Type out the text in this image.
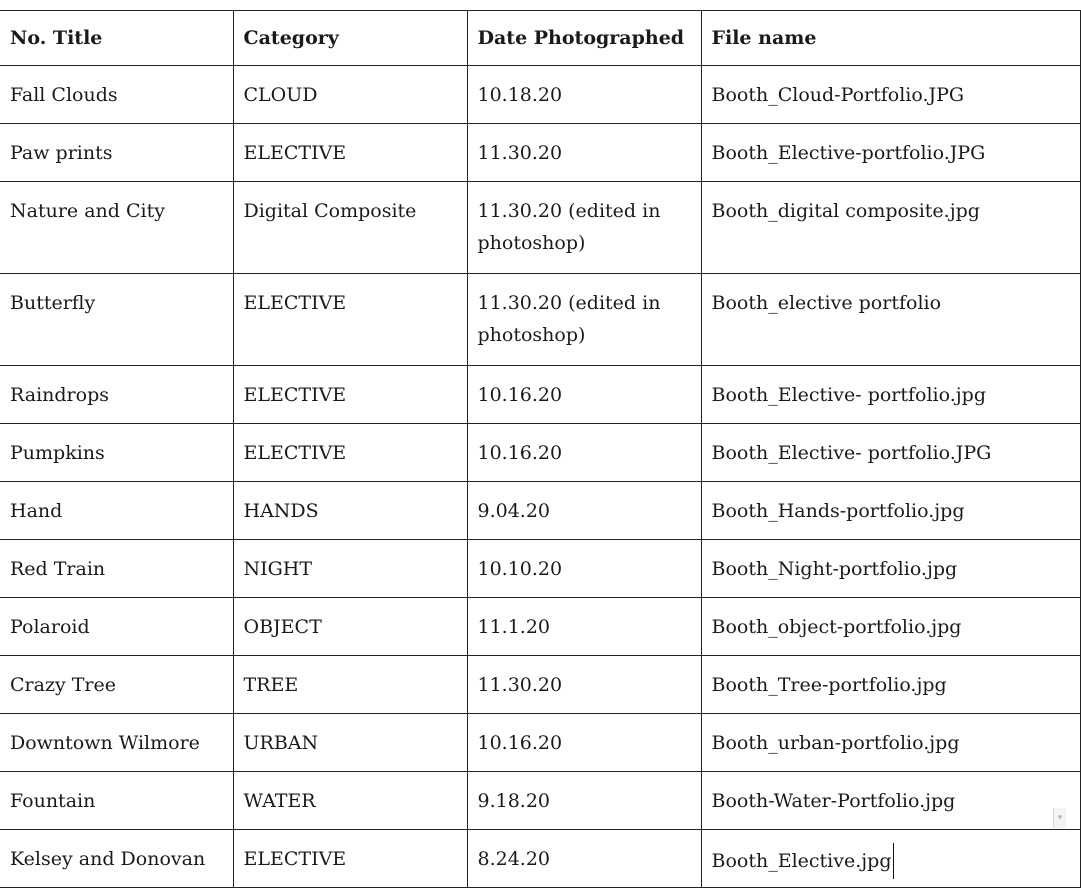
No. Title	Category	Date Photographed	File name
Fall Clouds	CLOUD	10.18.20	Booth_Cloud-Portfolio.JPG
Paw prints	ELECTIVE	11.30.20	Booth_Elective-portfolio.JPG
Nature and City	Digital Composite	11.30.20 (edited in photoshop)	Booth_digital composite.jpg
Butterfly	ELECTIVE	11.30.20 (edited in photoshop)	Booth_elective portfolio
Raindrops	ELECTIVE	10.16.20	Booth_Elective- portfolio.jpg
Pumpkins	ELECTIVE	10.16.20	Booth_Elective- portfolio.JPG
Hand	HANDS	9.04.20	Booth_Hands-portfolio.jpg
Red Train	NIGHT	10.10.20	Booth_Night-portfolio.jpg
Polaroid	OBJECT	11.1.20	Booth_object-portfolio.jpg
Crazy Tree	TREE	11.30.20	Booth_Tree-portfolio.jpg
Downtown Wilmore	URBAN	10.16.20	Booth_urban-portfolio.jpg
Fountain	WATER	9.18.20	Booth-Water-Portfolio.jpg
Kelsey and Donovan	ELECTIVE	8.24.20	Booth_Elective.jpg
▾
